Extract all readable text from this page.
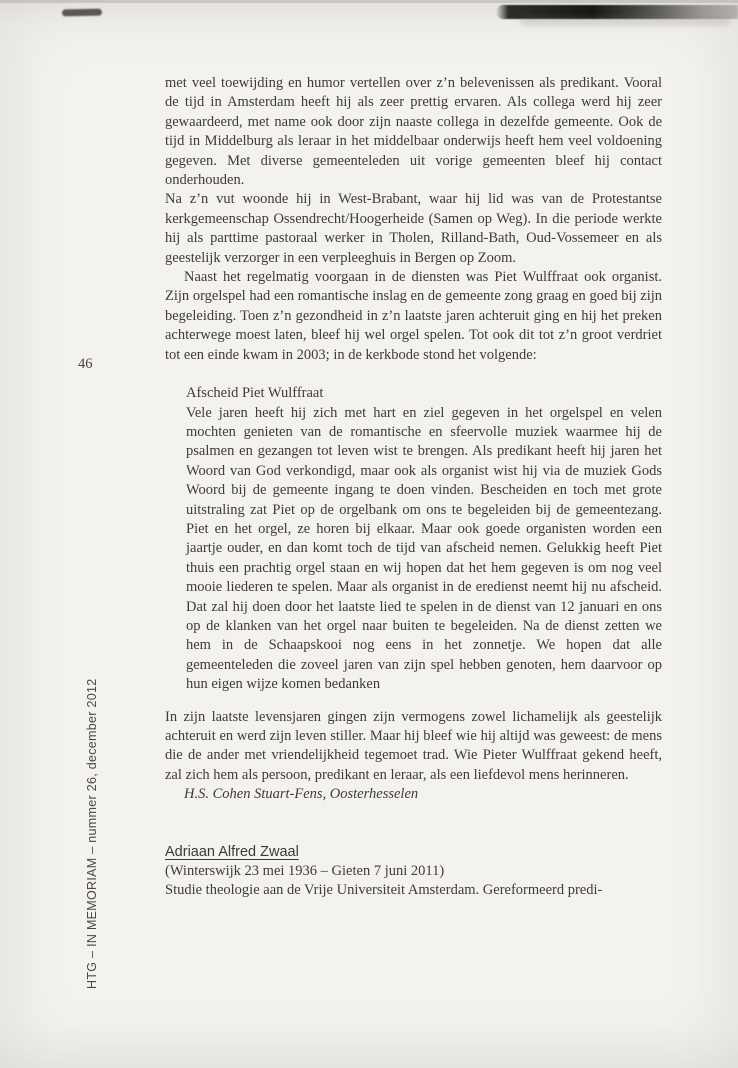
46
HTG – IN MEMORIAM – nummer 26, december 2012

met veel toewijding en humor vertellen over z’n belevenissen als predikant. Vooral de tijd in Amsterdam heeft hij als zeer prettig ervaren. Als collega werd hij zeer gewaardeerd, met name ook door zijn naaste collega in dezelfde gemeente. Ook de tijd in Middelburg als leraar in het middelbaar onderwijs heeft hem veel voldoening gegeven. Met diverse gemeenteleden uit vorige gemeenten bleef hij contact onderhouden.

Na z’n vut woonde hij in West-Brabant, waar hij lid was van de Protestantse kerkgemeenschap Ossendrecht/Hoogerheide (Samen op Weg). In die periode werkte hij als parttime pastoraal werker in Tholen, Rilland-Bath, Oud-Vossemeer en als geestelijk verzorger in een verpleeghuis in Bergen op Zoom.

Naast het regelmatig voorgaan in de diensten was Piet Wulffraat ook organist. Zijn orgelspel had een romantische inslag en de gemeente zong graag en goed bij zijn begeleiding. Toen z’n gezondheid in z’n laatste jaren achteruit ging en hij het preken achterwege moest laten, bleef hij wel orgel spelen. Tot ook dit tot z’n groot verdriet tot een einde kwam in 2003; in de kerkbode stond het volgende:

Afscheid Piet Wulffraat

Vele jaren heeft hij zich met hart en ziel gegeven in het orgelspel en velen mochten genieten van de romantische en sfeervolle muziek waarmee hij de psalmen en gezangen tot leven wist te brengen. Als predikant heeft hij jaren het Woord van God verkondigd, maar ook als organist wist hij via de muziek Gods Woord bij de gemeente ingang te doen vinden. Bescheiden en toch met grote uitstraling zat Piet op de orgelbank om ons te begeleiden bij de gemeentezang. Piet en het orgel, ze horen bij elkaar. Maar ook goede organisten worden een jaartje ouder, en dan komt toch de tijd van afscheid nemen. Gelukkig heeft Piet thuis een prachtig orgel staan en wij hopen dat het hem gegeven is om nog veel mooie liederen te spelen. Maar als organist in de eredienst neemt hij nu afscheid. Dat zal hij doen door het laatste lied te spelen in de dienst van 12 januari en ons op de klanken van het orgel naar buiten te begeleiden. Na de dienst zetten we hem in de Schaapskooi nog eens in het zonnetje. We hopen dat alle gemeenteleden die zoveel jaren van zijn spel hebben genoten, hem daarvoor op hun eigen wijze komen bedanken

In zijn laatste levensjaren gingen zijn vermogens zowel lichamelijk als geestelijk achteruit en werd zijn leven stiller. Maar hij bleef wie hij altijd was geweest: de mens die de ander met vriendelijkheid tegemoet trad. Wie Pieter Wulffraat gekend heeft, zal zich hem als persoon, predikant en leraar, als een liefdevol mens herinneren.

H.S. Cohen Stuart-Fens, Oosterhesselen

Adriaan Alfred Zwaal

(Winterswijk 23 mei 1936 – Gieten 7 juni 2011)

Studie theologie aan de Vrije Universiteit Amsterdam. Gereformeerd predi-
